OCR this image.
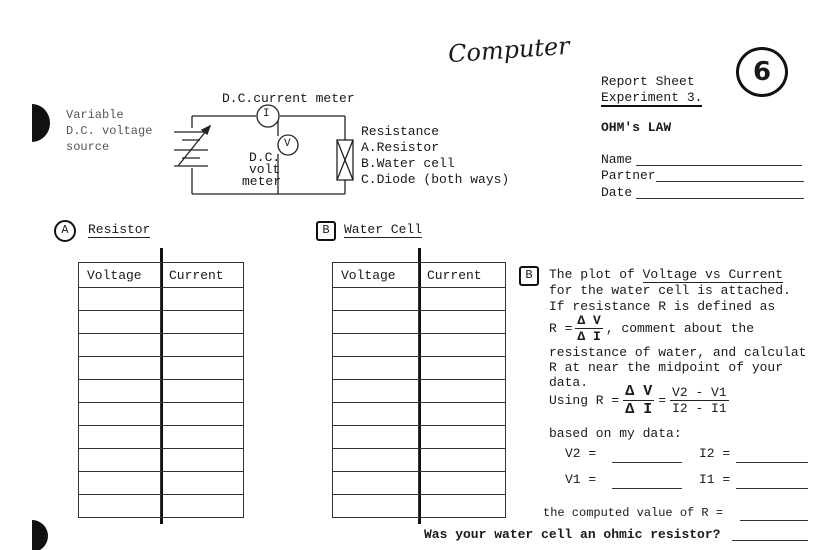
Computer
6
Report Sheet
Experiment 3.
OHM's LAW
Name
Partner
Date
I
V
Variable
D.C. voltage
source
D.C.current meter
D.C.
volt
meter
Resistance
A.Resistor
B.Water cell
C.Diode (both ways)
A	Resistor
Voltage	Current

B	Water Cell
Voltage	Current

		B	The plot of Voltage vs Current
for the water cell is attached.
If resistance R is defined as
$R = \frac{\text{Δ V}}{\text{Δ I}}$ , comment about the
resistance of water, and calculat
R at near the midpoint of your
data.
Using $R = \frac{\text{Δ V}}{\text{Δ I}} = \frac{V2 - V1}{I2 - I1}$
based on my data:
V2 =	I2 =
V1 =	I1 =
the computed value of R =
Was your water cell an ohmic resistor?
